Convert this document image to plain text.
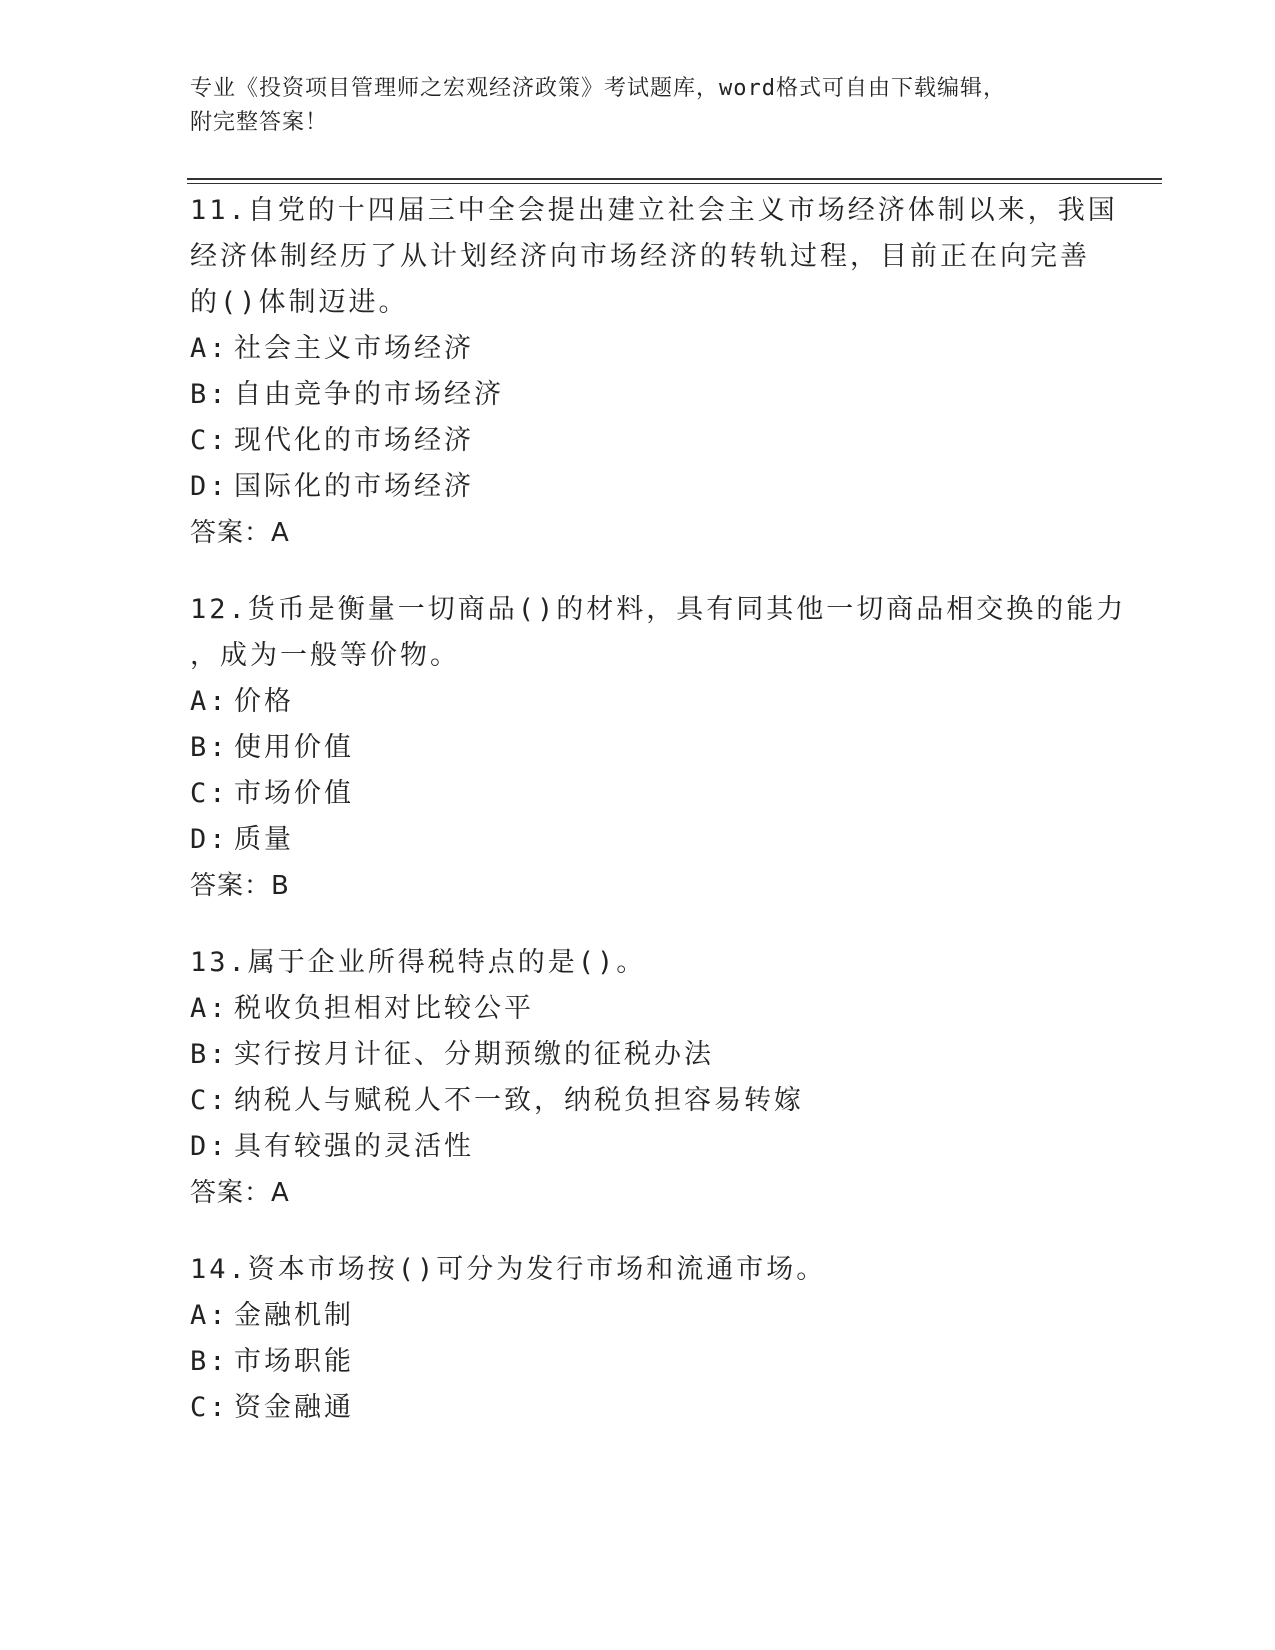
专业《投资项目管理师之宏观经济政策》考试题库，word格式可自由下载编辑，
附完整答案！
11.自党的十四届三中全会提出建立社会主义市场经济体制以来，我国
经济体制经历了从计划经济向市场经济的转轨过程，目前正在向完善
的()体制迈进。
A: 社会主义市场经济
B: 自由竞争的市场经济
C: 现代化的市场经济
D: 国际化的市场经济
答案：A
12.货币是衡量一切商品()的材料，具有同其他一切商品相交换的能力
，成为一般等价物。
A: 价格
B: 使用价值
C: 市场价值
D: 质量
答案：B
13.属于企业所得税特点的是()。
A: 税收负担相对比较公平
B: 实行按月计征、分期预缴的征税办法
C: 纳税人与赋税人不一致，纳税负担容易转嫁
D: 具有较强的灵活性
答案：A
14.资本市场按()可分为发行市场和流通市场。
A: 金融机制
B: 市场职能
C: 资金融通
